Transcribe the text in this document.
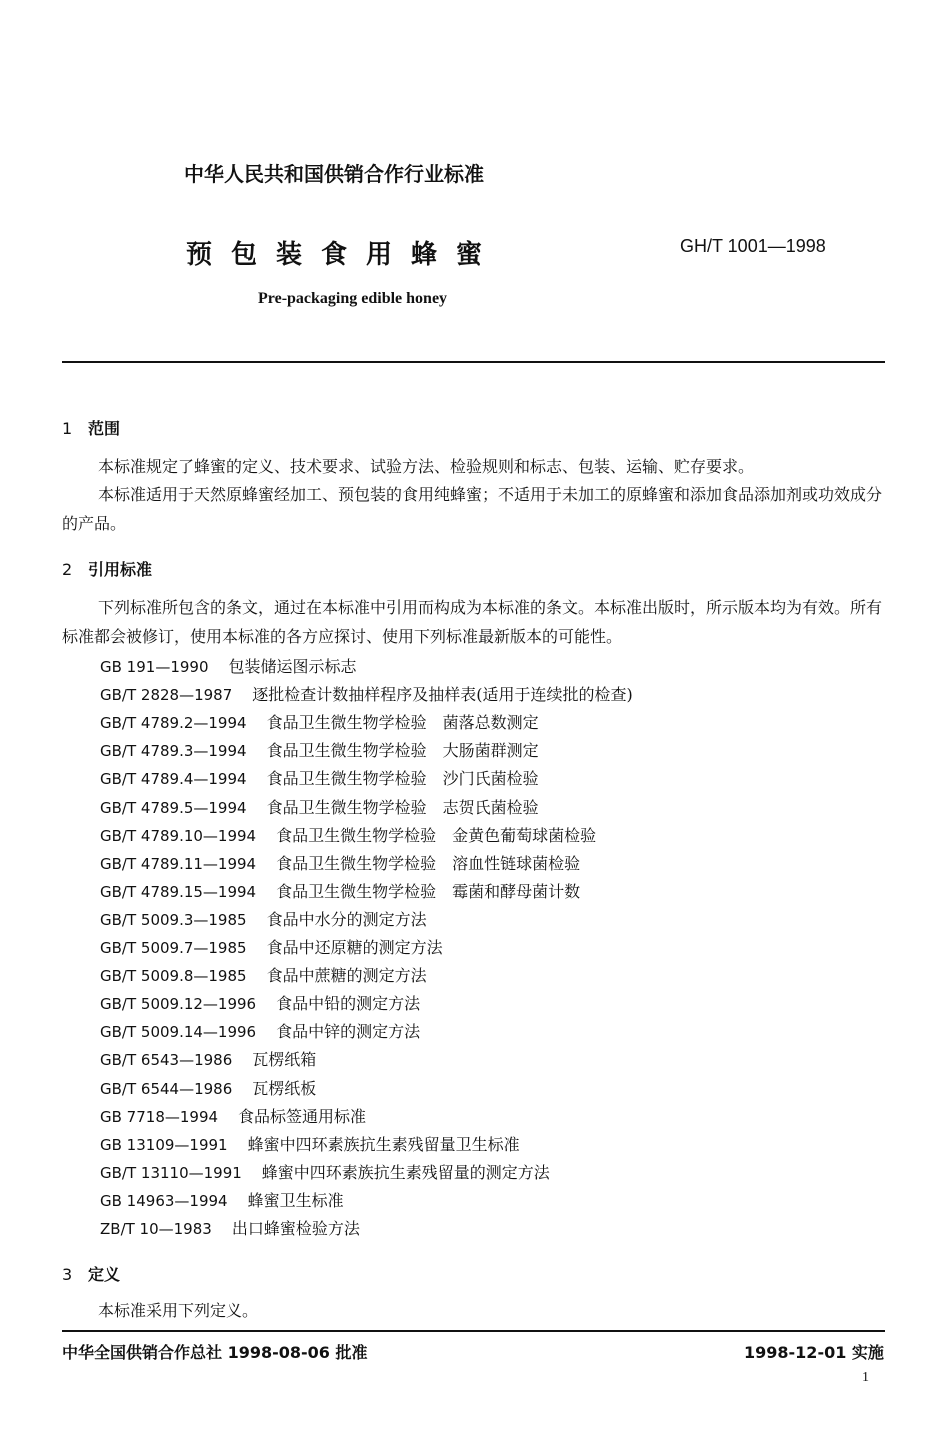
中华人民共和国供销合作行业标准
预包装食用蜂蜜	GH/T 1001—1998
Pre-packaging edible honey
1 范围
本标准规定了蜂蜜的定义、技术要求、试验方法、检验规则和标志、包装、运输、贮存要求。
本标准适用于天然原蜂蜜经加工、预包装的食用纯蜂蜜；不适用于未加工的原蜂蜜和添加食品添加剂或功效成分的产品。
2 引用标准
下列标准所包含的条文，通过在本标准中引用而构成为本标准的条文。本标准出版时，所示版本均为有效。所有标准都会被修订，使用本标准的各方应探讨、使用下列标准最新版本的可能性。
GB 191—1990 包装储运图示标志
GB/T 2828—1987 逐批检查计数抽样程序及抽样表(适用于连续批的检查)
GB/T 4789.2—1994 食品卫生微生物学检验　菌落总数测定
GB/T 4789.3—1994 食品卫生微生物学检验　大肠菌群测定
GB/T 4789.4—1994 食品卫生微生物学检验　沙门氏菌检验
GB/T 4789.5—1994 食品卫生微生物学检验　志贺氏菌检验
GB/T 4789.10—1994 食品卫生微生物学检验　金黄色葡萄球菌检验
GB/T 4789.11—1994 食品卫生微生物学检验　溶血性链球菌检验
GB/T 4789.15—1994 食品卫生微生物学检验　霉菌和酵母菌计数
GB/T 5009.3—1985 食品中水分的测定方法
GB/T 5009.7—1985 食品中还原糖的测定方法
GB/T 5009.8—1985 食品中蔗糖的测定方法
GB/T 5009.12—1996 食品中铅的测定方法
GB/T 5009.14—1996 食品中锌的测定方法
GB/T 6543—1986 瓦楞纸箱
GB/T 6544—1986 瓦楞纸板
GB 7718—1994 食品标签通用标准
GB 13109—1991 蜂蜜中四环素族抗生素残留量卫生标准
GB/T 13110—1991 蜂蜜中四环素族抗生素残留量的测定方法
GB 14963—1994 蜂蜜卫生标准
ZB/T 10—1983 出口蜂蜜检验方法
3 定义
本标准采用下列定义。
中华全国供销合作总社 1998-08-06 批准	1998-12-01 实施
1
